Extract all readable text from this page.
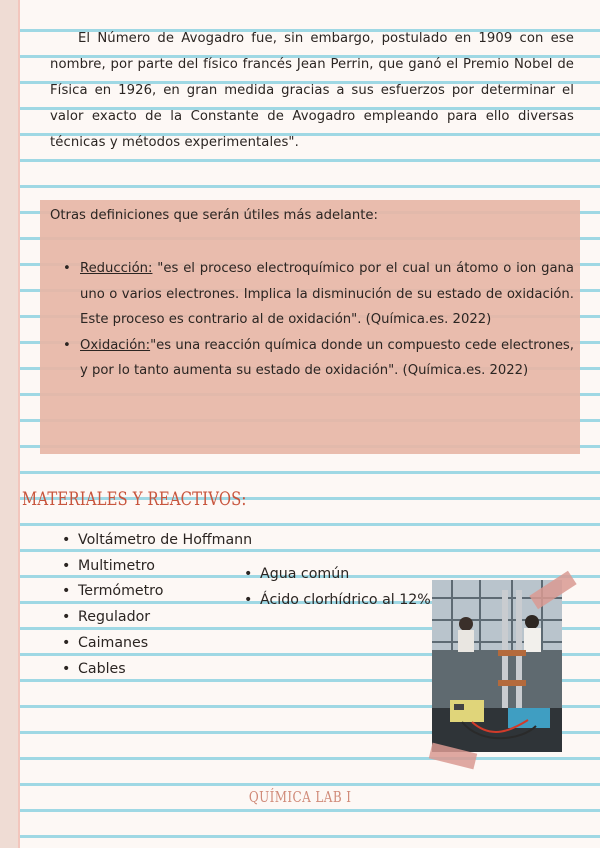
El Número de Avogadro fue, sin embargo, postulado en 1909 con ese nombre, por parte del físico francés Jean Perrin, que ganó el Premio Nobel de Física en 1926, en gran medida gracias a sus esfuerzos por determinar el valor exacto de la Constante de Avogadro empleando para ello diversas técnicas y métodos experimentales".

Otras definiciones que serán útiles más adelante:
• Reducción: "es el proceso electroquímico por el cual un átomo o ion gana uno o varios electrones. Implica la disminución de su estado de oxidación. Este proceso es contrario al de oxidación". (Química.es. 2022)
• Oxidación:"es una reacción química donde un compuesto cede electrones, y por lo tanto aumenta su estado de oxidación". (Química.es. 2022)
MATERIALES Y REACTIVOS:
• Voltámetro de Hoffmann
• Multimetro
• Termómetro
• Regulador
• Caimanes
• Cables
• Agua común
• Ácido clorhídrico al 12%
QUÍMICA LAB I
